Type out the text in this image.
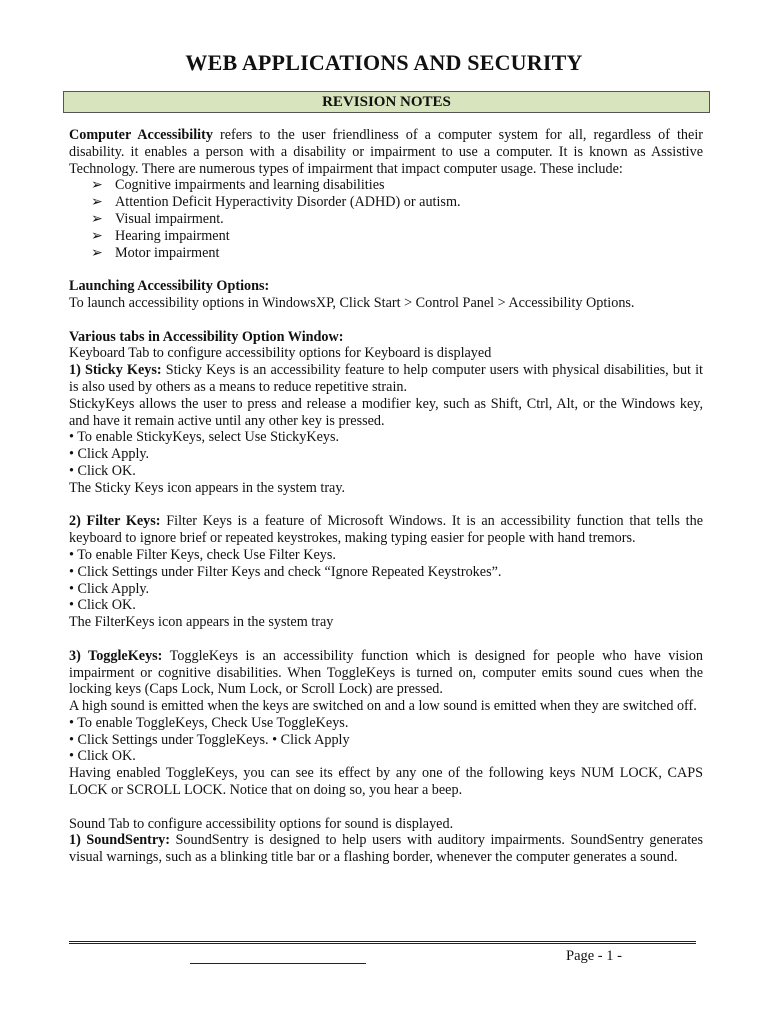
WEB APPLICATIONS AND SECURITY
REVISION NOTES

Computer Accessibility refers to the user friendliness of a computer system for all, regardless of their disability. it enables a person with a disability or impairment to use a computer. It is known as Assistive Technology. There are numerous types of impairment that impact computer usage. These include:

➢ Cognitive impairments and learning disabilities
➢ Attention Deficit Hyperactivity Disorder (ADHD) or autism.
➢ Visual impairment.
➢ Hearing impairment
➢ Motor impairment

Launching Accessibility Options:

To launch accessibility options in WindowsXP, Click Start > Control Panel > Accessibility Options.

Various tabs in Accessibility Option Window:

Keyboard Tab to configure accessibility options for Keyboard is displayed

1) Sticky Keys: Sticky Keys is an accessibility feature to help computer users with physical disabilities, but it is also used by others as a means to reduce repetitive strain.

StickyKeys allows the user to press and release a modifier key, such as Shift, Ctrl, Alt, or the Windows key, and have it remain active until any other key is pressed.

• To enable StickyKeys, select Use StickyKeys.

• Click Apply.

• Click OK.

The Sticky Keys icon appears in the system tray.

2) Filter Keys: Filter Keys is a feature of Microsoft Windows. It is an accessibility function that tells the keyboard to ignore brief or repeated keystrokes, making typing easier for people with hand tremors.

• To enable Filter Keys, check Use Filter Keys.

• Click Settings under Filter Keys and check “Ignore Repeated Keystrokes”.

• Click Apply.

• Click OK.

The FilterKeys icon appears in the system tray

3) ToggleKeys: ToggleKeys is an accessibility function which is designed for people who have vision impairment or cognitive disabilities. When ToggleKeys is turned on, computer emits sound cues when the locking keys (Caps Lock, Num Lock, or Scroll Lock) are pressed.

A high sound is emitted when the keys are switched on and a low sound is emitted when they are switched off.

• To enable ToggleKeys, Check Use ToggleKeys.

• Click Settings under ToggleKeys. • Click Apply

• Click OK.

Having enabled ToggleKeys, you can see its effect by any one of the following keys NUM LOCK, CAPS LOCK or SCROLL LOCK. Notice that on doing so, you hear a beep.

Sound Tab to configure accessibility options for sound is displayed.

1) SoundSentry: SoundSentry is designed to help users with auditory impairments. SoundSentry generates visual warnings, such as a blinking title bar or a flashing border, whenever the computer generates a sound.

Page - 1 -
